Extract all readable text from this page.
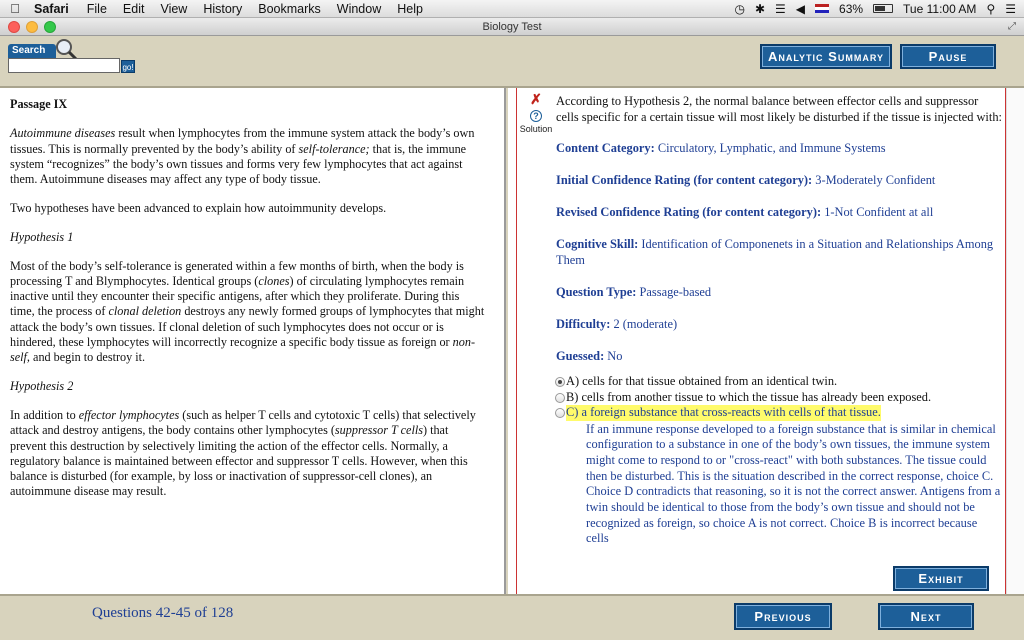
Safari	File	Edit	View	History	Bookmarks	Window	Help	◷ ✱ ☰ ◀	63%	Tue 11:00 AM ⚲ ☰
Biology Test	⤢
Search
go!
Analytic Summary	Pause

Passage IX

Autoimmune diseases result when lymphocytes from the immune system attack the body’s own tissues. This is normally prevented by the body’s ability of self-tolerance; that is, the immune system “recognizes” the body’s own tissues and forms very few lymphocytes that act against them. Autoimmune diseases may affect any type of body tissue.

Two hypotheses have been advanced to explain how autoimmunity develops.

Hypothesis 1

Most of the body’s self-tolerance is generated within a few months of birth, when the body is processing T and Blymphocytes. Identical groups (clones) of circulating lymphocytes remain inactive until they encounter their specific antigens, after which they proliferate. During this time, the process of clonal deletion destroys any newly formed groups of lymphocytes that might attack the body’s own tissues. If clonal deletion of such lymphocytes does not occur or is hindered, these lymphocytes will incorrectly recognize a specific body tissue as foreign or non-self, and begin to destroy it.

Hypothesis 2

In addition to effector lymphocytes (such as helper T cells and cytotoxic T cells) that selectively attack and destroy antigens, the body contains other lymphocytes (suppressor T cells) that prevent this destruction by selectively limiting the action of the effector cells. Normally, a regulatory balance is maintained between effector and suppressor T cells. However, when this balance is disturbed (for example, by loss or inactivation of suppressor-cell clones), an autoimmune disease may result.

✗
?
Solution

According to Hypothesis 2, the normal balance between effector cells and suppressor cells specific for a certain tissue will most likely be disturbed if the tissue is injected with:

Content Category: Circulatory, Lymphatic, and Immune Systems

Initial Confidence Rating (for content category): 3-Moderately Confident

Revised Confidence Rating (for content category): 1-Not Confident at all

Cognitive Skill: Identification of Componenets in a Situation and Relationships Among Them

Question Type: Passage-based

Difficulty: 2 (moderate)

Guessed: No

A) cells for that tissue obtained from an identical twin.
B) cells from another tissue to which the tissue has already been exposed.
C) a foreign substance that cross-reacts with cells of that tissue.

If an immune response developed to a foreign substance that is similar in chemical configuration to a substance in one of the body’s own tissues, the immune system might come to respond to or "cross-react" with both substances. The tissue could then be disturbed. This is the situation described in the correct response, choice C. Choice D contradicts that reasoning, so it is not the correct answer. Antigens from a twin should be identical to those from the body’s own tissue and should not be recognized as foreign, so choice A is not correct. Choice B is incorrect because cells

Exhibit
Questions 42-45 of 128	Previous	Next
